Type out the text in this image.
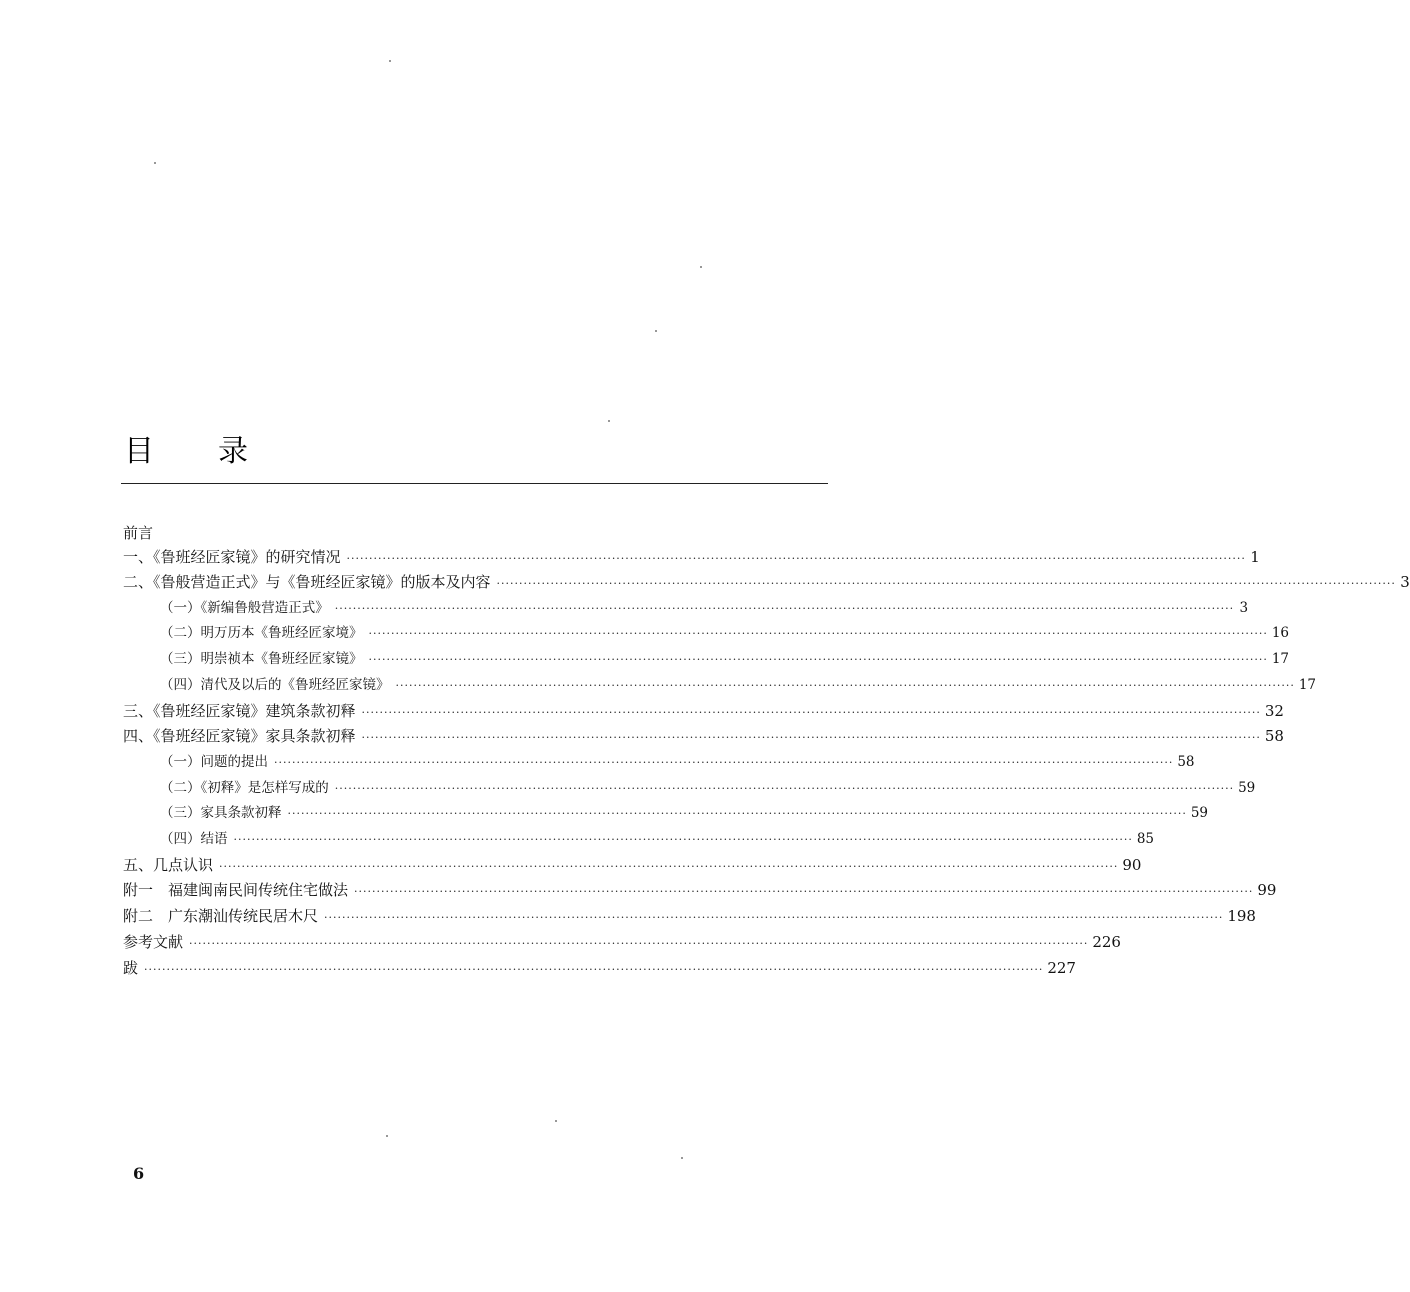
目 录
前言
一、《鲁班经匠家镜》的研究情况 ········································································································································································································ 1
二、《鲁般营造正式》与《鲁班经匠家镜》的版本及内容 ········································································································································································································ 3
（一）《新编鲁般营造正式》 ········································································································································································································ 3
（二）明万历本《鲁班经匠家境》 ········································································································································································································ 16
（三）明崇祯本《鲁班经匠家镜》 ········································································································································································································ 17
（四）清代及以后的《鲁班经匠家镜》 ········································································································································································································ 17
三、《鲁班经匠家镜》建筑条款初释 ········································································································································································································ 32
四、《鲁班经匠家镜》家具条款初释 ········································································································································································································ 58
（一）问题的提出 ········································································································································································································ 58
（二）《初释》是怎样写成的 ········································································································································································································ 59
（三）家具条款初释 ········································································································································································································ 59
（四）结语 ········································································································································································································ 85
五、几点认识 ········································································································································································································ 90
附一　福建闽南民间传统住宅做法 ········································································································································································································ 99
附二　广东潮汕传统民居木尺 ········································································································································································································ 198
参考文献 ········································································································································································································ 226
跋 ········································································································································································································ 227
6
